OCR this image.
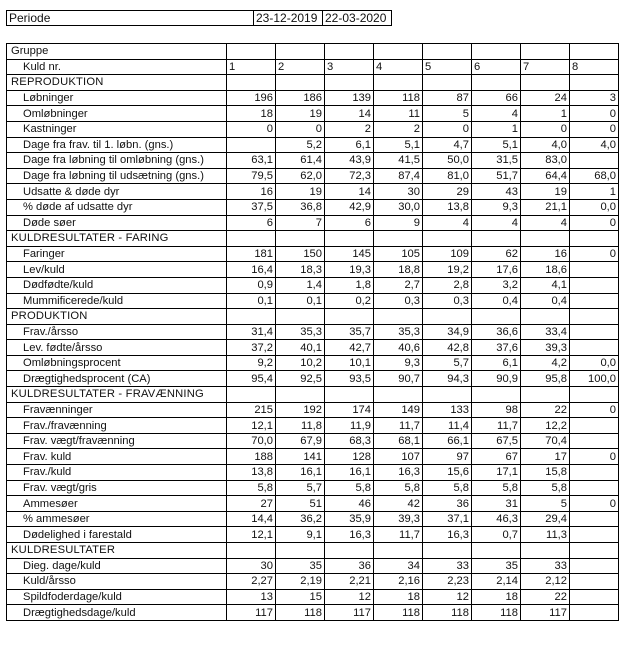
Periode	23-12-2019	22-03-2020
Gruppe								
Kuld nr.	1	2	3	4	5	6	7	8
REPRODUKTION								
Løbninger	196	186	139	118	87	66	24	3
Omløbninger	18	19	14	11	5	4	1	0
Kastninger	0	0	2	2	0	1	0	0
Dage fra frav. til 1. løbn. (gns.)		5,2	6,1	5,1	4,7	5,1	4,0	4,0
Dage fra løbning til omløbning (gns.)	63,1	61,4	43,9	41,5	50,0	31,5	83,0	
Dage fra løbning til udsætning (gns.)	79,5	62,0	72,3	87,4	81,0	51,7	64,4	68,0
Udsatte & døde dyr	16	19	14	30	29	43	19	1
% døde af udsatte dyr	37,5	36,8	42,9	30,0	13,8	9,3	21,1	0,0
Døde søer	6	7	6	9	4	4	4	0
KULDRESULTATER - FARING								
Faringer	181	150	145	105	109	62	16	0
Lev/kuld	16,4	18,3	19,3	18,8	19,2	17,6	18,6	
Dødfødte/kuld	0,9	1,4	1,8	2,7	2,8	3,2	4,1	
Mummificerede/kuld	0,1	0,1	0,2	0,3	0,3	0,4	0,4	
PRODUKTION								
Frav./årsso	31,4	35,3	35,7	35,3	34,9	36,6	33,4	
Lev. fødte/årsso	37,2	40,1	42,7	40,6	42,8	37,6	39,3	
Omløbningsprocent	9,2	10,2	10,1	9,3	5,7	6,1	4,2	0,0
Drægtighedsprocent (CA)	95,4	92,5	93,5	90,7	94,3	90,9	95,8	100,0
KULDRESULTATER - FRAVÆNNING								
Fravænninger	215	192	174	149	133	98	22	0
Frav./fravænning	12,1	11,8	11,9	11,7	11,4	11,7	12,2	
Frav. vægt/fravænning	70,0	67,9	68,3	68,1	66,1	67,5	70,4	
Frav. kuld	188	141	128	107	97	67	17	0
Frav./kuld	13,8	16,1	16,1	16,3	15,6	17,1	15,8	
Frav. vægt/gris	5,8	5,7	5,8	5,8	5,8	5,8	5,8	
Ammesøer	27	51	46	42	36	31	5	0
% ammesøer	14,4	36,2	35,9	39,3	37,1	46,3	29,4	
Dødelighed i farestald	12,1	9,1	16,3	11,7	16,3	0,7	11,3	
KULDRESULTATER								
Dieg. dage/kuld	30	35	36	34	33	35	33	
Kuld/årsso	2,27	2,19	2,21	2,16	2,23	2,14	2,12	
Spildfoderdage/kuld	13	15	12	18	12	18	22	
Drægtighedsdage/kuld	117	118	117	118	118	118	117	
